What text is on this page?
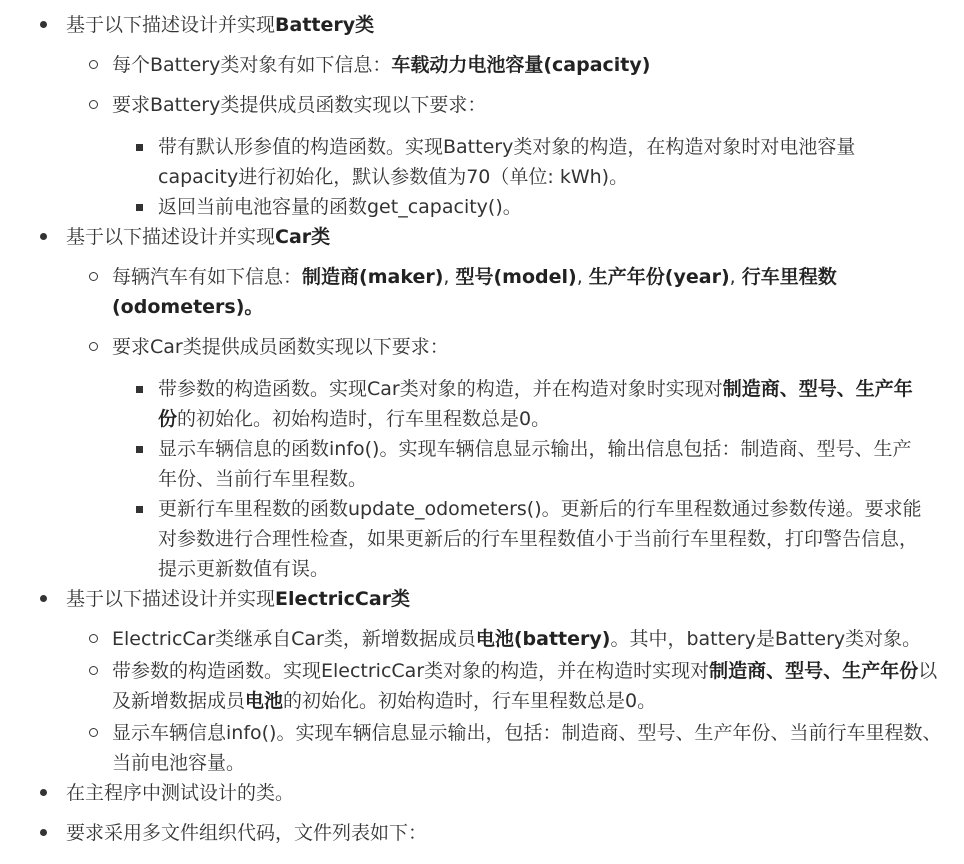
基于以下描述设计并实现Battery类
每个Battery类对象有如下信息：车载动力电池容量(capacity)
要求Battery类提供成员函数实现以下要求：
带有默认形参值的构造函数。实现Battery类对象的构造，在构造对象时对电池容量capacity进行初始化，默认参数值为70（单位: kWh)。
返回当前电池容量的函数get_capacity()。
基于以下描述设计并实现Car类
每辆汽车有如下信息：制造商(maker), 型号(model), 生产年份(year), 行车里程数(odometers)。
要求Car类提供成员函数实现以下要求：
带参数的构造函数。实现Car类对象的构造，并在构造对象时实现对制造商、型号、生产年份的初始化。初始构造时，行车里程数总是0。
显示车辆信息的函数info()。实现车辆信息显示输出，输出信息包括：制造商、型号、生产年份、当前行车里程数。
更新行车里程数的函数update_odometers()。更新后的行车里程数通过参数传递。要求能对参数进行合理性检查，如果更新后的行车里程数值小于当前行车里程数，打印警告信息，提示更新数值有误。
基于以下描述设计并实现ElectricCar类
ElectricCar类继承自Car类，新增数据成员电池(battery)。其中，battery是Battery类对象。
带参数的构造函数。实现ElectricCar类对象的构造，并在构造时实现对制造商、型号、生产年份以及新增数据成员电池的初始化。初始构造时，行车里程数总是0。
显示车辆信息info()。实现车辆信息显示输出，包括：制造商、型号、生产年份、当前行车里程数、当前电池容量。
在主程序中测试设计的类。
要求采用多文件组织代码，文件列表如下：
